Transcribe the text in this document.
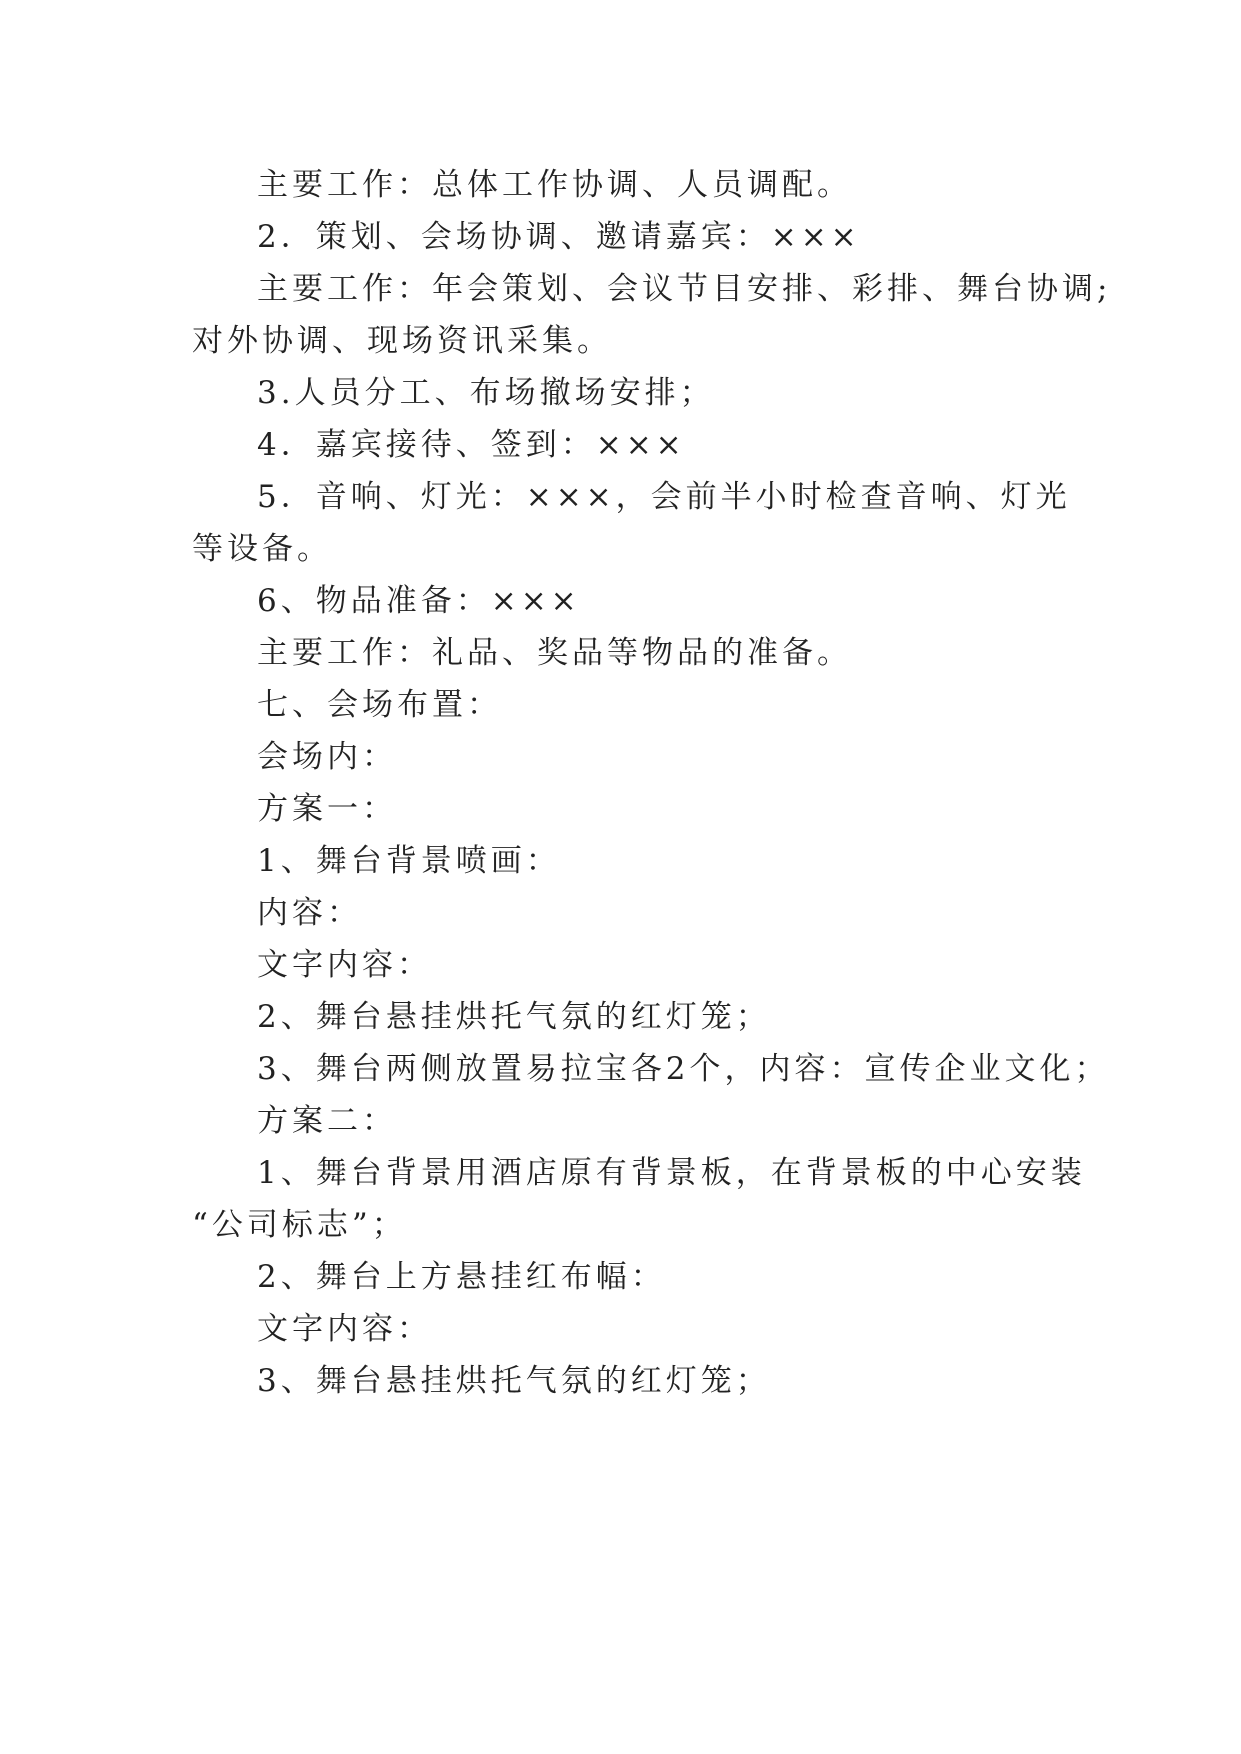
主要工作：总体工作协调、人员调配。

2．策划、会场协调、邀请嘉宾：×××

主要工作：年会策划、会议节目安排、彩排、舞台协调;

对外协调、现场资讯采集。

3.人员分工、布场撤场安排；

4．嘉宾接待、签到：×××

5．音响、灯光：×××，会前半小时检查音响、灯光

等设备。

6、物品准备：×××

主要工作：礼品、奖品等物品的准备。

七、会场布置：

会场内：

方案一：

1、舞台背景喷画：

内容：

文字内容：

2、舞台悬挂烘托气氛的红灯笼；

3、舞台两侧放置易拉宝各2个，内容：宣传企业文化；

方案二：

1、舞台背景用酒店原有背景板，在背景板的中心安装

“公司标志”；

2、舞台上方悬挂红布幅：

文字内容：

3、舞台悬挂烘托气氛的红灯笼；
